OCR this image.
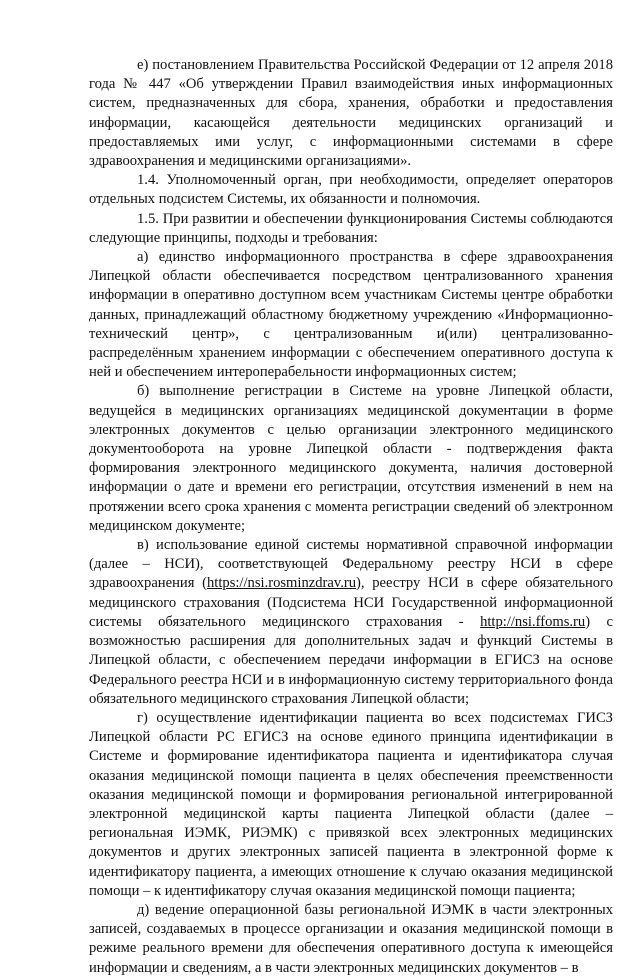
е) постановлением Правительства Российской Федерации от 12 апреля 2018 года № 447 «Об утверждении Правил взаимодействия иных информационных систем, предназначенных для сбора, хранения, обработки и предоставления информации, касающейся деятельности медицинских организаций и предоставляемых ими услуг, с информационными системами в сфере здравоохранения и медицинскими организациями».

1.4. Уполномоченный орган, при необходимости, определяет операторов отдельных подсистем Системы, их обязанности и полномочия.

1.5. При развитии и обеспечении функционирования Системы соблюдаются следующие принципы, подходы и требования:

а) единство информационного пространства в сфере здравоохранения Липецкой области обеспечивается посредством централизованного хранения информации в оперативно доступном всем участникам Системы центре обработки данных, принадлежащий областному бюджетному учреждению «Информационно-технический центр», с централизованным и(или) централизованно-распределённым хранением информации с обеспечением оперативного доступа к ней и обеспечением интероперабельности информационных систем;

б) выполнение регистрации в Системе на уровне Липецкой области, ведущейся в медицинских организациях медицинской документации в форме электронных документов с целью организации электронного медицинского документооборота на уровне Липецкой области - подтверждения факта формирования электронного медицинского документа, наличия достоверной информации о дате и времени его регистрации, отсутствия изменений в нем на протяжении всего срока хранения с момента регистрации сведений об электронном медицинском документе;

в) использование единой системы нормативной справочной информации (далее – НСИ), соответствующей Федеральному реестру НСИ в сфере здравоохранения (https://nsi.rosminzdrav.ru), реестру НСИ в сфере обязательного медицинского страхования (Подсистема НСИ Государственной информационной системы обязательного медицинского страхования - http://nsi.ffoms.ru) с возможностью расширения для дополнительных задач и функций Системы в Липецкой области, с обеспечением передачи информации в ЕГИСЗ на основе Федерального реестра НСИ и в информационную систему территориального фонда обязательного медицинского страхования Липецкой области;

г) осуществление идентификации пациента во всех подсистемах ГИСЗ Липецкой области РС ЕГИСЗ на основе единого принципа идентификации в Системе и формирование идентификатора пациента и идентификатора случая оказания медицинской помощи пациента в целях обеспечения преемственности оказания медицинской помощи и формирования региональной интегрированной электронной медицинской карты пациента Липецкой области (далее – региональная ИЭМК, РИЭМК) с привязкой всех электронных медицинских документов и других электронных записей пациента в электронной форме к идентификатору пациента, а имеющих отношение к случаю оказания медицинской помощи – к идентификатору случая оказания медицинской помощи пациента;

д) ведение операционной базы региональной ИЭМК в части электронных записей, создаваемых в процессе организации и оказания медицинской помощи в режиме реального времени для обеспечения оперативного доступа к имеющейся информации и сведениям, а в части электронных медицинских документов – в
